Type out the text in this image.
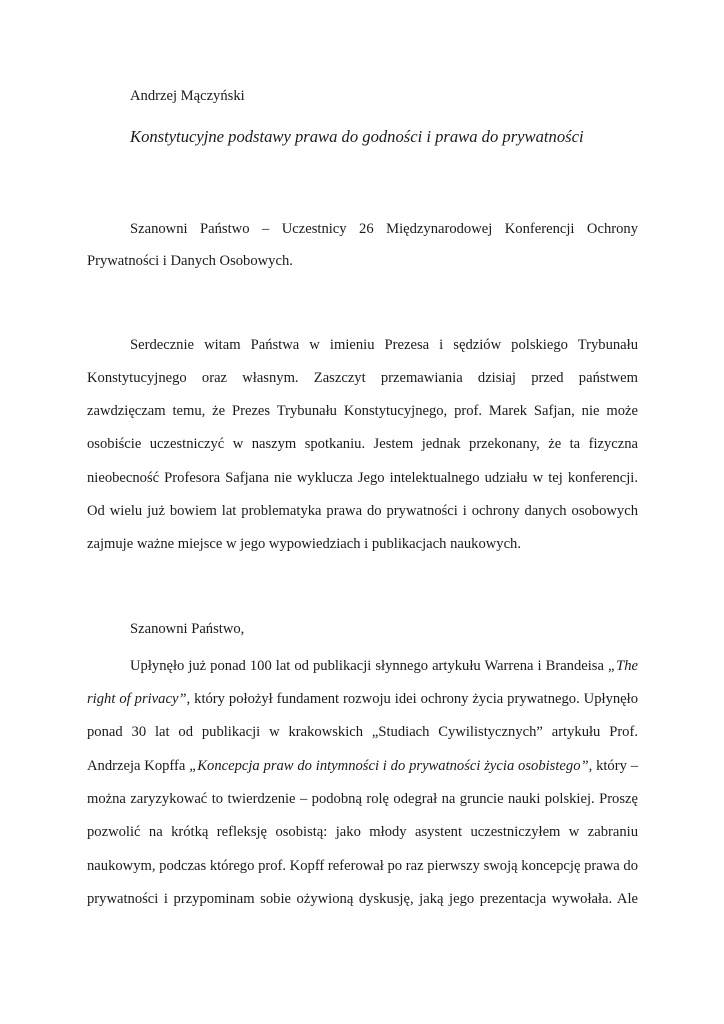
Andrzej Mączyński
Konstytucyjne podstawy prawa do godności i prawa do prywatności
Szanowni Państwo – Uczestnicy 26 Międzynarodowej Konferencji Ochrony
Prywatności i Danych Osobowych.
Serdecznie witam Państwa w imieniu Prezesa i sędziów polskiego Trybunału
Konstytucyjnego oraz własnym. Zaszczyt przemawiania dzisiaj przed państwem
zawdzięczam temu, że Prezes Trybunału Konstytucyjnego, prof. Marek Safjan, nie może
osobiście uczestniczyć w naszym spotkaniu. Jestem jednak przekonany, że ta fizyczna
nieobecność Profesora Safjana nie wyklucza Jego intelektualnego udziału w tej konferencji.
Od wielu już bowiem lat problematyka prawa do prywatności i ochrony danych osobowych
zajmuje ważne miejsce w jego wypowiedziach i publikacjach naukowych.
Szanowni Państwo,
Upłynęło już ponad 100 lat od publikacji słynnego artykułu Warrena i Brandeisa „The
right of privacy”, który położył fundament rozwoju idei ochrony życia prywatnego. Upłynęło
ponad 30 lat od publikacji w krakowskich „Studiach Cywilistycznych” artykułu Prof.
Andrzeja Kopffa „Koncepcja praw do intymności i do prywatności życia osobistego”, który –
można zaryzykować to twierdzenie – podobną rolę odegrał na gruncie nauki polskiej. Proszę
pozwolić na krótką refleksję osobistą: jako młody asystent uczestniczyłem w zabraniu
naukowym, podczas którego prof. Kopff referował po raz pierwszy swoją koncepcję prawa do
prywatności i przypominam sobie ożywioną dyskusję, jaką jego prezentacja wywołała. Ale
